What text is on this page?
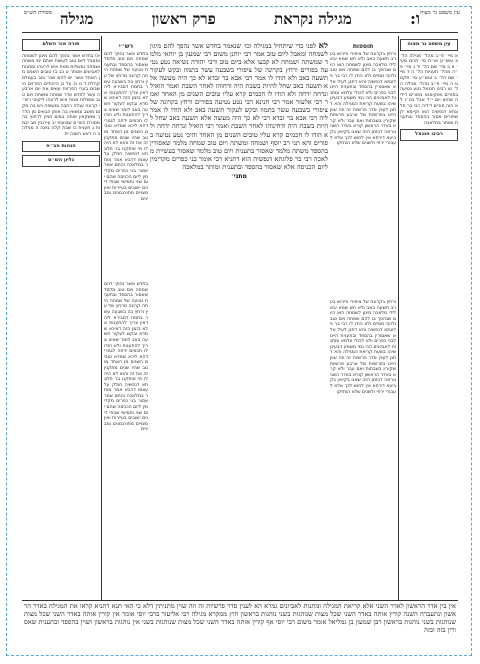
מסורת הש״ס	עין משפט נר מצוה
ו:
מגילה נקראת
פרק ראשון
מגילה
תורה אור השלם
א) בחדש אשר נהפך להם מיגון לשמחה ומאבל ליום טוב לעשות אותם ימי משתה ושמחה ומשלוח מנות איש לרעהו ומתנות לאביונים אסתר ט כב ב) טובים השנים מן האחד אשר יש להם שכר טוב בעמלם קהלת ד ט ג) על כן היהודים הפרזים הישבים בערי הפרזות עשים את יום ארבעה עשר לחדש אדר שמחה ומשתה ויום טוב ומשלוח מנות איש לרעהו ליקוטי רש״י קרונה עגלה רחבה ומשופה ויש בה מקום מושב ונושאין בה אותן הבאים מן הדרך ומשקאין אותה במים חמין לרחוץ בה מסורת הש״ס שבועות יב עירובין מב יבמות ג תענית כו שבת קלה ביצה ה מגילה ב ה ראש השנה יח
הגהות הב״ח
גליון הש״ס
רש״י
בחדש אשר נהפך להם שמחה ויום טוב מלמד שאסור בהספד ובתענית נטיעה של שמחה היתה קרונה מרחץ של עץ ורחץ בה בשבעה עשר בתמוז דסבירא ליה דאין צריך להתענות אלא בזמן הזה דאיכא שמדא ובקש לעקור תשעה באב לומר שאינו צריך להתענות ולא הודו לו חכמים ידחה לגמרי דהא ליכא שמדא טובים השנים מן האחד מוטב שהיו שנים מתקנין זה את זה והוא לא היה לו מי שיתקנו בר פלוגתא דנפשיה חולק על עצמו דהכא אמר מותר במלאכה והתם אמר אסור בני כפרים מקדימין ליום הכניסה שהם יום שני וחמישי שבתי דינים יושבים בעיירות ואין מצויים מתורגמנים ומבינים
בחדש אשר נהפך להם שמחה ויום טוב מלמד שאסור בהספד ובתענית נטיעה של שמחה היתה קרונה מרחץ של עץ ורחץ בה בשבעה עשר בתמוז דסבירא ליה דאין צריך להתענות אלא בזמן הזה דאיכא שמדא ובקש לעקור תשעה באב לומר שאינו צריך להתענות ולא הודו לו חכמים ידחה לגמרי דהא ליכא שמדא טובים השנים מן האחד מוטב שהיו שנים מתקנין זה את זה והוא לא היה לו מי שיתקנו בר פלוגתא דנפשיה חולק על עצמו דהכא אמר מותר במלאכה והתם אמר אסור בני כפרים מקדימין ליום הכניסה שהם יום שני וחמישי שבתי דינים יושבים בעיירות ואין מצויים מתורגמנים ומבינים
לא לפני כדי שיתחיל במגילה וכו׳ שנאמר בחדש אשר נהפך להם מיגון לשמחה ומאבל ליום טוב אמר רבי יוחנן משום רבי שמעון בן יוחאי מלמד שמשתה ושמחה לא קבעו אלא ביום טוב ורבי יהודה נשיאה נטע נטיעה בפורים ורחץ בקרונה של ציפורי בשבעה עשר בתמוז ובקש לעקור תשעה באב ולא הודו לו אמר רבי אבא בר זבדא לא כך היה מעשה אלא תשעה באב שחל להיות בשבת היה ודחוהו לאחר השבת ואמר הואיל ונדחה ידחה ולא הודו לו חכמים קרא עליו טובים השנים מן האחד ואמר רבי אלעזר אמר רבי חנינא רבי נטע נטיעה בפורים ורחץ בקרונה של ציפורי בשבעה עשר בתמוז ובקש לעקור תשעה באב ולא הודו לו אמר ליה רבי אבא בר זבדא רבי לא כך היה מעשה אלא תשעה באב שחל להיות בשבת היה ודחינוהו לאחר השבת ואמר רבי הואיל ונדחה ידחה ולא הודו לו חכמים קרא עליו טובים השנים מן האחד והיכי נטע נטיעה בפורים והא תני רב יוסף ושמחה ומשתה ויום טוב שמחה מלמד שאסורין בהספד משתה מלמד שאסור בתענית ויום טוב מלמד שאסור בעשיית מלאכה רבי בר פלוגתא דנפשיה הוא דתניא רבי אומר בני כפרים מקדימין ליום הכניסה אלא שאסור בהספד ובתענית ומותר במלאכה
מתני׳
תוספות
ורחץ בקרונה של ציפורי פירוש בערב תשעה באב ולא חש שמא יבא לידי מלאכה מיגון לשמחה הוא היום שנהפך בו להם שמחה ויום טוב ולהכי מסיים ולא הודו לו רבי בר פלוגתא דנפשיה והא דתנן לעיל אלא שאסורין בהספד ובתענית היינו לבני כפרים ולא לכולי עלמא ומתנות לאביונים הכי נמי משמע דבעינן שיהו בשעת קריאת המגילה והא דתנן לענין סדר פרשיות זה וזה שוין היינו בפרשיות של ארבע פרשיות שקורין בשבתות ואם עבר ולא קרא באדר הראשון קורא באדר השני ונראה דבזמן הזה שאנו בקיאין בקביעא דירחא אין לחוש לכך אלא לעבורי ירחי ולשנים שלא הוחזקו
ורחץ בקרונה של ציפורי פירוש בערב תשעה באב ולא חש שמא יבא לידי מלאכה מיגון לשמחה הוא היום שנהפך בו להם שמחה ויום טוב ולהכי מסיים ולא הודו לו רבי בר פלוגתא דנפשיה והא דתנן לעיל אלא שאסורין בהספד ובתענית היינו לבני כפרים ולא לכולי עלמא ומתנות לאביונים הכי נמי משמע דבעינן שיהו בשעת קריאת המגילה והא דתנן לענין סדר פרשיות זה וזה שוין היינו בפרשיות של ארבע פרשיות שקורין בשבתות ואם עבר ולא קרא באדר הראשון קורא באדר השני ונראה דבזמן הזה שאנו בקיאין בקביעא דירחא אין לחוש לכך אלא לעבורי ירחי ולשנים שלא הוחזקו
עין משפט נר מצוה
א מיי׳ פ״ב מהל׳ מגילה הל׳ יג טוש״ע או״ח סי׳ תרצו סעי׳ א ב מיי׳ שם הל׳ יד ג מיי׳ פ״ה מהל׳ תעניות הל׳ ה ד מיי׳ שם הל׳ ב טוש״ע סי׳ תקמט ה מיי׳ פ״ב מהל׳ מגילה הל׳ טו רבינו חננאל נטע נטיעה בפורים ואוקימנא בפורים דידיה שהוא יום י״ד אבל בט״ו לא הוה פורים דידיה רבי בר פלוגתא דנפשיה הוא וקיימא לן שפורים אסור בהספד ובתענית ומותר במלאכה
רבינו חננאל
אין בין אדר הראשון לאדר השני אלא קריאת המגילה ומתנות לאביונים גמרא הא לענין סדר פרשיות זה וזה שוין מתניתין דלא כי האי תנא דתניא קראו את המגילה באדר הראשון ונתעברה השנה קורין אותה באדר השני שכל מצות שנוהגות בשני נוהגות בראשון חוץ ממקרא מגילה רבי אליעזר ברבי יוסי אומר אין קורין אותה באדר השני שכל מצות שנוהגות בשני נוהגות בראשון רבן שמעון בן גמליאל אומר משום רבי יוסי אף קורין אותה באדר השני שכל מצות שנוהגות בשני אין נוהגות בראשון ושוין בהספד ובתענית שאסורין בזה ובזה
